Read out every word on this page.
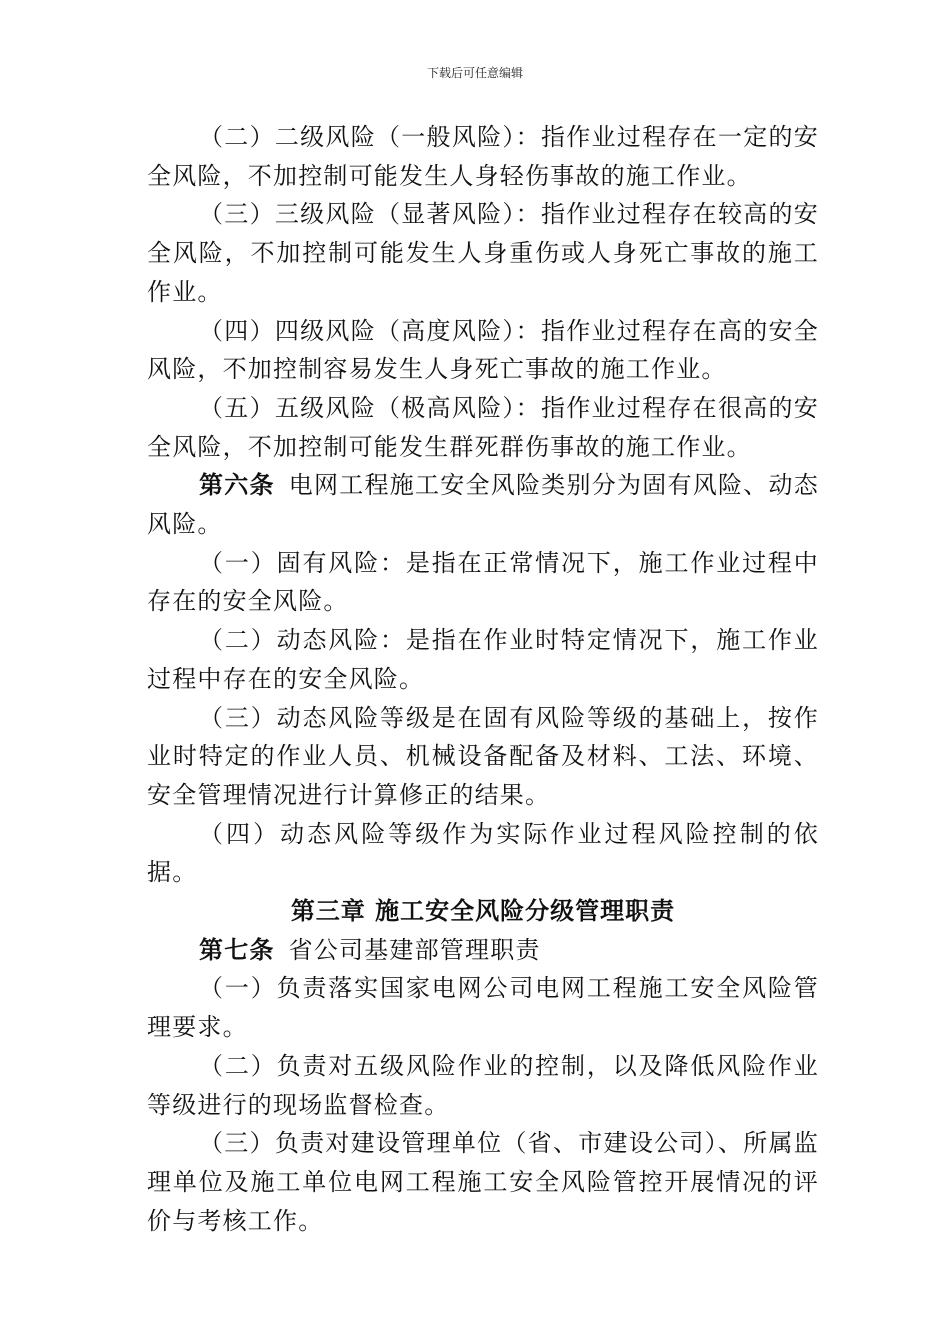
下载后可任意编辑

（二）二级风险（一般风险）：指作业过程存在一定的安全风险，不加控制可能发生人身轻伤事故的施工作业。

（三）三级风险（显著风险）：指作业过程存在较高的安全风险，不加控制可能发生人身重伤或人身死亡事故的施工作业。

（四）四级风险（高度风险）：指作业过程存在高的安全风险，不加控制容易发生人身死亡事故的施工作业。

（五）五级风险（极高风险）：指作业过程存在很高的安全风险，不加控制可能发生群死群伤事故的施工作业。

第六条 电网工程施工安全风险类别分为固有风险、动态风险。

（一）固有风险：是指在正常情况下，施工作业过程中存在的安全风险。

（二）动态风险：是指在作业时特定情况下，施工作业过程中存在的安全风险。

（三）动态风险等级是在固有风险等级的基础上，按作业时特定的作业人员、机械设备配备及材料、工法、环境、安全管理情况进行计算修正的结果。

（四）动态风险等级作为实际作业过程风险控制的依据。

第三章 施工安全风险分级管理职责

第七条 省公司基建部管理职责

（一）负责落实国家电网公司电网工程施工安全风险管理要求。

（二）负责对五级风险作业的控制，以及降低风险作业等级进行的现场监督检查。

（三）负责对建设管理单位（省、市建设公司）、所属监理单位及施工单位电网工程施工安全风险管控开展情况的评价与考核工作。
